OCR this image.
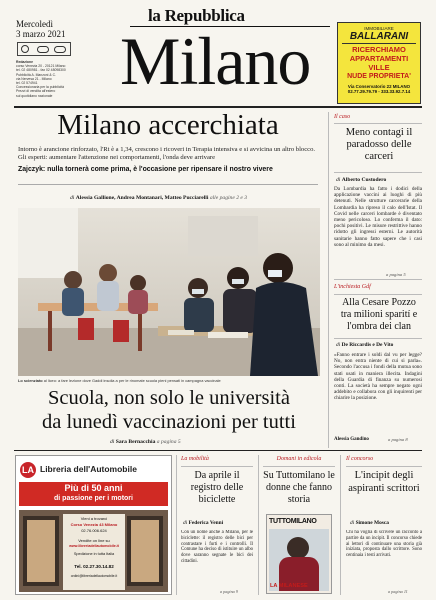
la Repubblica
Milano
Mercoledì
3 marzo 2021
Redazione
corso Venezia 20 - 20121 Milano
tel. 02 480981 - fax 02 48098300
Pubblicità A. Manzoni & C.
via Nervesa 21 - Milano
tel. 02 574941
Concessionaria per la pubblicità
Prezzi di vendita all'estero
sul quotidiano nazionale
IMMOBILIARE
BALLARANI
RICERCHIAMO
APPARTAMENTI
VILLE
NUDE PROPRIETA'
Via Conservatorio 22 MILANO
02.77.29.79.79 - 333.33.92.7.14
Milano accerchiata
Intorno è arancione rinforzato, l'Rt è a 1,34, crescono i ricoveri in Terapia intensiva e si avvicina un altro blocco. Gli esperti: aumentare l'attenzione nei comportamenti, l'onda deve arrivare
Zajczyk: nulla tornerà come prima, è l'occasione per ripensare il nostro vivere
di Alessia Gallione, Andrea Montanari, Matteo Pucciarelli alle pagine 2 e 3
Lo scienziato al liceo: a fare lezione dove Gaddi insolia a per le rinomate scuola pieni pensati in campagna vaccinale
Scuola, non solo le università
da lunedì vaccinazioni per tutti
di Sara Bernacchia a pagina 5
Il caso
Meno contagi il paradosso delle carceri
di Alberto Custodero
Da Lombardia ha fatto i dodici della applicazione vaccini ai luoghi di più detenuti. Nelle strutture carcerarie della Lombardia ha ripreso il calo dell'Istat. Il Covid nelle carceri lombarde è diventato meno pericoloso. Lo conferma il dato: pochi positivi. Le misure restrittive hanno ridotto gli ingressi esterni. Le autorità sanitarie hanno fatto sapere che i casi sono al minimo da mesi.
a pagina 5
L'inchiesta Gdf
Alla Cesare Pozzo tra milioni sparití e l'ombra dei clan
di De Riccardis e De Vito
«Fanno entrare i soldi dal vu per legge? No, non entra niente di cui si parla». Secondo l'accusa i fondi della mutua sono stati usati in maniera illecita. Indagini della Guardia di finanza su numerosi conti. La società ha sempre negato ogni addebito e collabora con gli inquirenti per chiarire la posizione.
Alessia Gandino	a pagina 8
LA Libreria dell'Automobile
Più di 50 anni
di passione per i motori
Vieni a trovarci
Corso Venezia 43 Milano
02.76.006.624
Vendite on line su
www.libreriadellautomobile.it
Spedizione in tutta Italia
Tel. 02.27.30.14.82
ordini@libreriadellautomobile.it
La mobilità
Da aprile il registro delle biciclette
di Federica Venni
Con un nome anche a Milano, per le biciclette: il registro delle bici per contrastare i furti e i controlli. Il Comune ha deciso di istituire un albo dove saranno segnate le bici dei cittadini.
a pagina 9
Domani in edicola
Su Tuttomilano le donne che fanno storia
TUTTOMILANO
LA MILANESE
Il concorso
L'incipit degli aspiranti scrittori
di Simone Mosca
Chi ha voglia di scrivere un racconto a partire da un incipit. Il concorso chiede ai lettori di continuare una storia già iniziata, proposta dallo scrittore. Sono centinaia i testi arrivati.
a pagina 11
